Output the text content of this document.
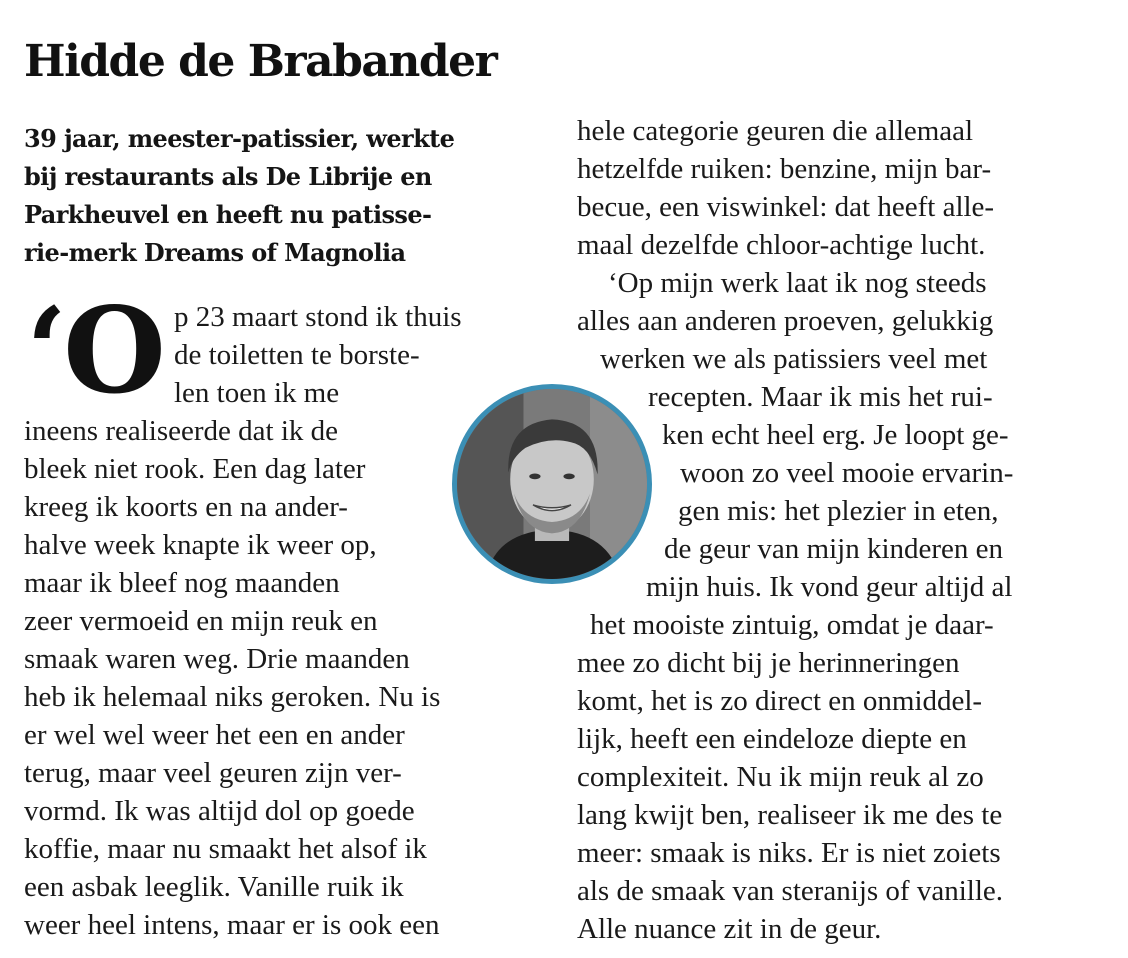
Hidde de Brabander
39 jaar, meester-patissier, werkte
bij restaurants als De Librije en
Parkheuvel en heeft nu patisse-
rie-merk Dreams of Magnolia
‘O p 23 maart stond ik thuis
de toiletten te borste-
len toen ik me
ineens realiseerde dat ik de
bleek niet rook. Een dag later
kreeg ik koorts en na ander-
halve week knapte ik weer op,
maar ik bleef nog maanden
zeer vermoeid en mijn reuk en
smaak waren weg. Drie maanden
heb ik helemaal niks geroken. Nu is
er wel wel weer het een en ander
terug, maar veel geuren zijn ver-
vormd. Ik was altijd dol op goede
koffie, maar nu smaakt het alsof ik
een asbak leeglik. Vanille ruik ik
weer heel intens, maar er is ook een
hele categorie geuren die allemaal
hetzelfde ruiken: benzine, mijn bar-
becue, een viswinkel: dat heeft alle-
maal dezelfde chloor-achtige lucht.
‘Op mijn werk laat ik nog steeds
alles aan anderen proeven, gelukkig
werken we als patissiers veel met
recepten. Maar ik mis het rui-
ken echt heel erg. Je loopt ge-
woon zo veel mooie ervarin-
gen mis: het plezier in eten,
de geur van mijn kinderen en
mijn huis. Ik vond geur altijd al
het mooiste zintuig, omdat je daar-
mee zo dicht bij je herinneringen
komt, het is zo direct en onmiddel-
lijk, heeft een eindeloze diepte en
complexiteit. Nu ik mijn reuk al zo
lang kwijt ben, realiseer ik me des te
meer: smaak is niks. Er is niet zoiets
als de smaak van steranijs of vanille.
Alle nuance zit in de geur.
